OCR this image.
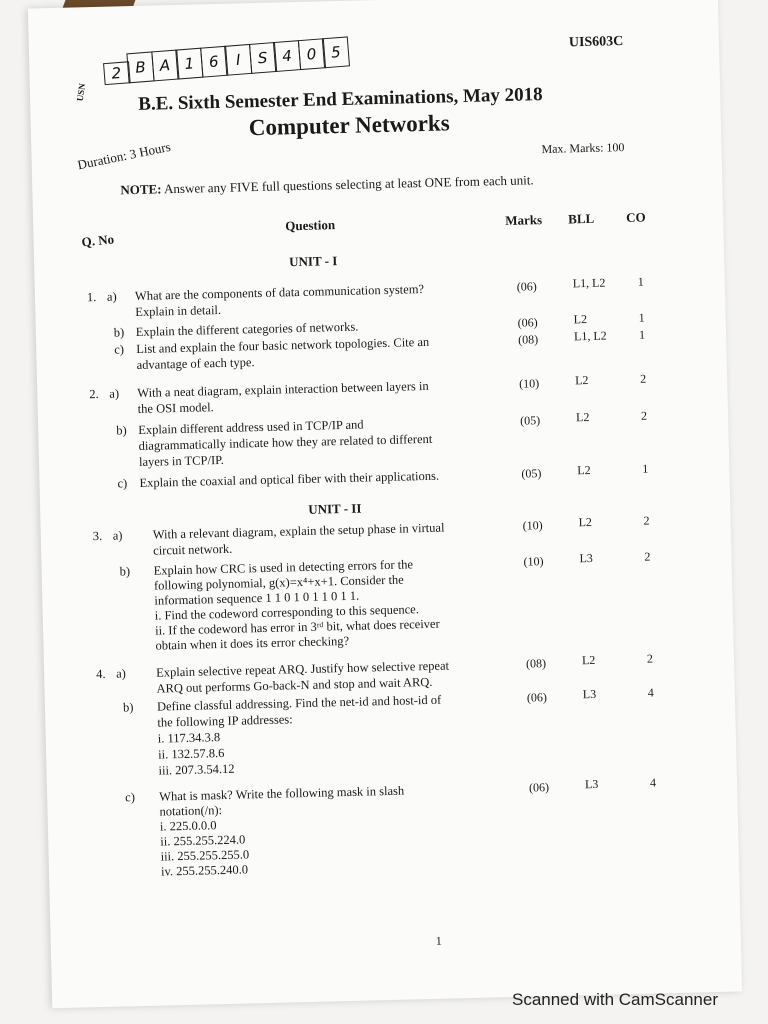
USN
2 B A 1 6	I	S 4 0 5
UIS603C
B.E. Sixth Semester End Examinations, May 2018
Computer Networks
Duration: 3 Hours	Max. Marks: 100
NOTE: Answer any FIVE full questions selecting at least ONE from each unit.
Q. No
Question	Marks BLL CO
UNIT - I
UNIT - II
1. a) What are the components of data communication system?
Explain in detail.
(06)	L1, L2	1
b) Explain the different categories of networks.	(06)	L2	1
c) List and explain the four basic network topologies. Cite an
advantage of each type.
(08)	L1, L2	1
2. a) With a neat diagram, explain interaction between layers in
the OSI model.
(10)	L2	2
b) Explain different address used in TCP/IP and
diagrammatically indicate how they are related to different
layers in TCP/IP.
(05)	L2	2
c) Explain the coaxial and optical fiber with their applications.	(05)	L2	1
3. a) With a relevant diagram, explain the setup phase in virtual
circuit network.
(10)	L2	2
b) Explain how CRC is used in detecting errors for the
following polynomial, g(x)=x⁴+x+1. Consider the
information sequence 1 1 0 1 0 1 1 0 1 1.
i. Find the codeword corresponding to this sequence.
ii. If the codeword has error in 3ʳᵈ bit, what does receiver
obtain when it does its error checking?
(10)	L3	2
4. a) Explain selective repeat ARQ. Justify how selective repeat
ARQ out performs Go-back-N and stop and wait ARQ.
(08)	L2	2
b) Define classful addressing. Find the net-id and host-id of
the following IP addresses:
i. 117.34.3.8
ii. 132.57.8.6
iii. 207.3.54.12
(06)	L3	4
c) What is mask? Write the following mask in slash
notation(/n):
i. 225.0.0.0
ii. 255.255.224.0
iii. 255.255.255.0
iv. 255.255.240.0
(06)	L3	4
1
Scanned with CamScanner
